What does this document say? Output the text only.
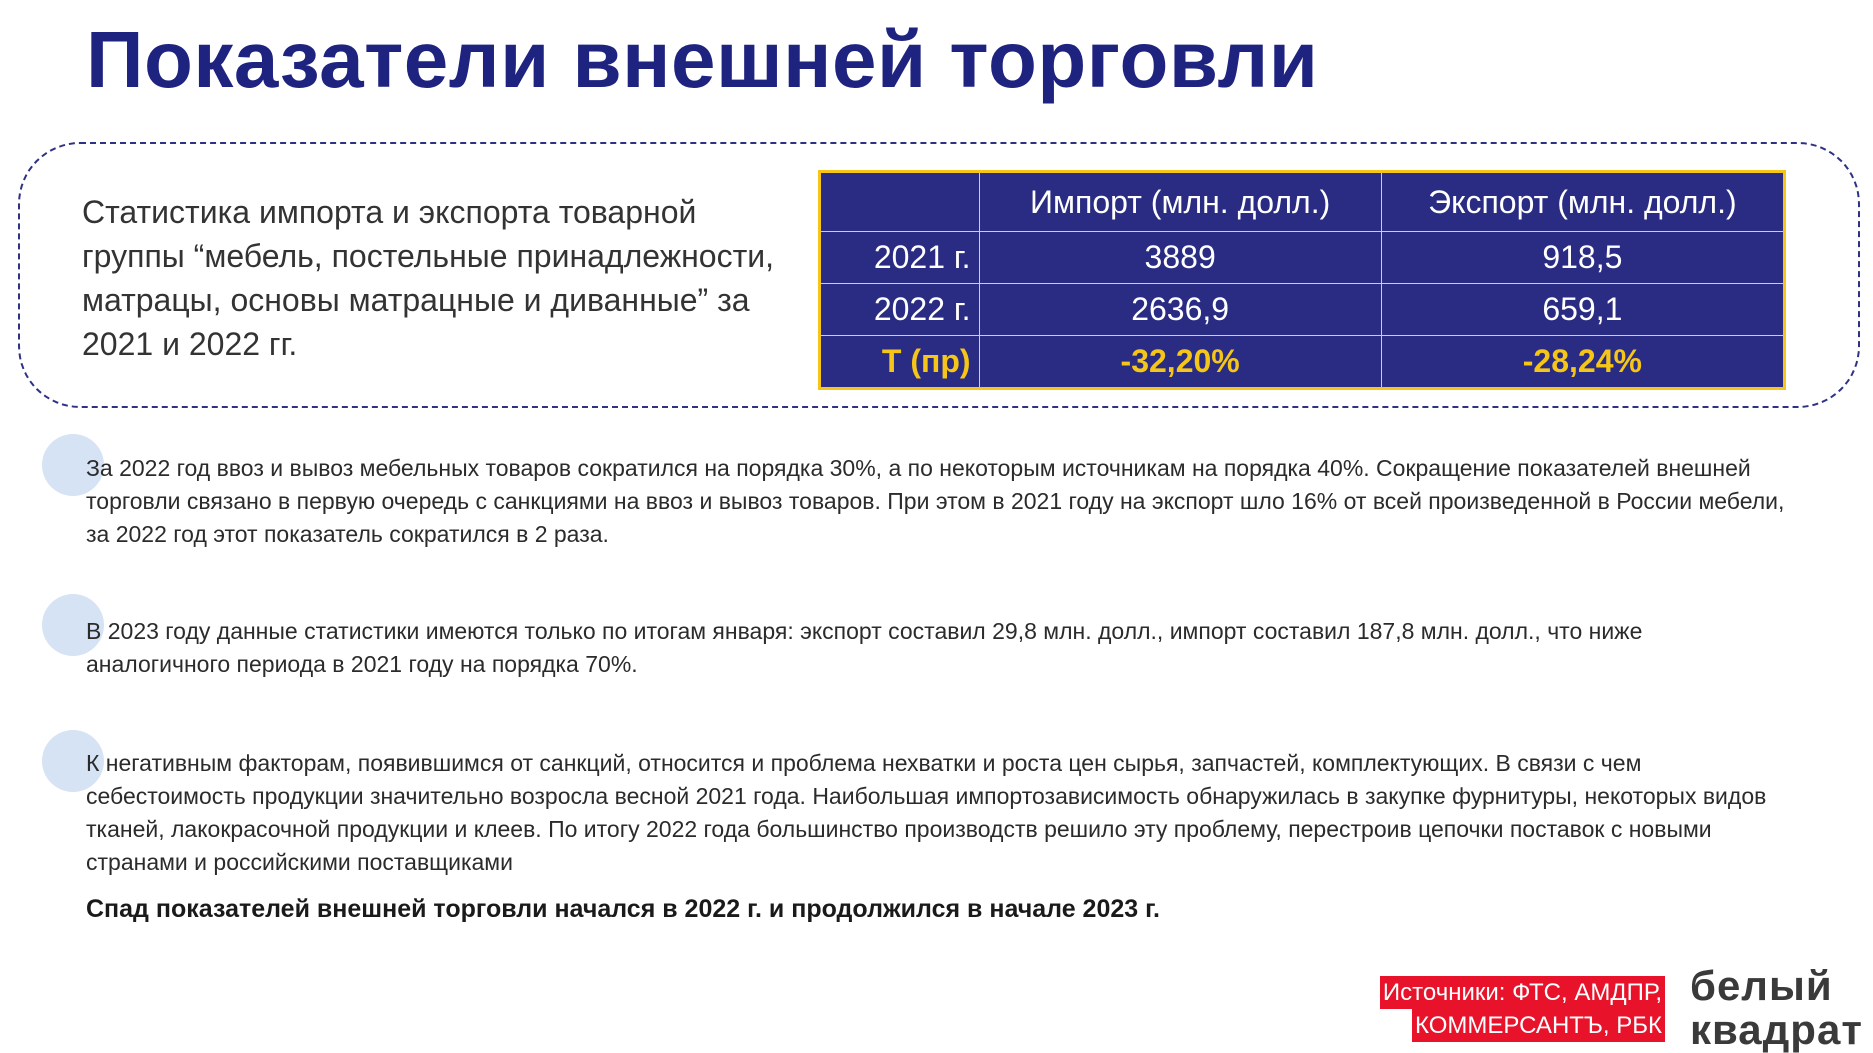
Показатели внешней торговли

Статистика импорта и экспорта товарной группы “мебель, постельные принадлежности, матрацы, основы матрацные и диванные” за 2021 и 2022 гг.

	Импорт (млн. долл.)	Экспорт (млн. долл.)
2021 г.	3889	918,5
2022 г.	2636,9	659,1
Т (пр)	-32,20%	-28,24%

За 2022 год ввоз и вывоз мебельных товаров сократился на порядка 30%, а по некоторым источникам на порядка 40%. Сокращение показателей внешней торговли связано в первую очередь с санкциями на ввоз и вывоз товаров. При этом в 2021 году на экспорт шло 16% от всей произведенной в России мебели, за 2022 год этот показатель сократился в 2 раза.

В 2023 году данные статистики имеются только по итогам января: экспорт составил 29,8 млн. долл., импорт составил 187,8 млн. долл., что ниже аналогичного периода в 2021 году на порядка 70%.

К негативным факторам, появившимся от санкций, относится и проблема нехватки и роста цен сырья, запчастей, комплектующих. В связи с чем себестоимость продукции значительно возросла весной 2021 года. Наибольшая импортозависимость обнаружилась в закупке фурнитуры, некоторых видов тканей, лакокрасочной продукции и клеев. По итогу 2022 года большинство производств решило эту проблему, перестроив цепочки поставок с новыми странами и российскими поставщиками

Спад показателей внешней торговли начался в 2022 г. и продолжился в начале 2023 г.

Источники: ФТС, АМДПР,
КОММЕРСАНТЪ, РБК
белый
квадрат
